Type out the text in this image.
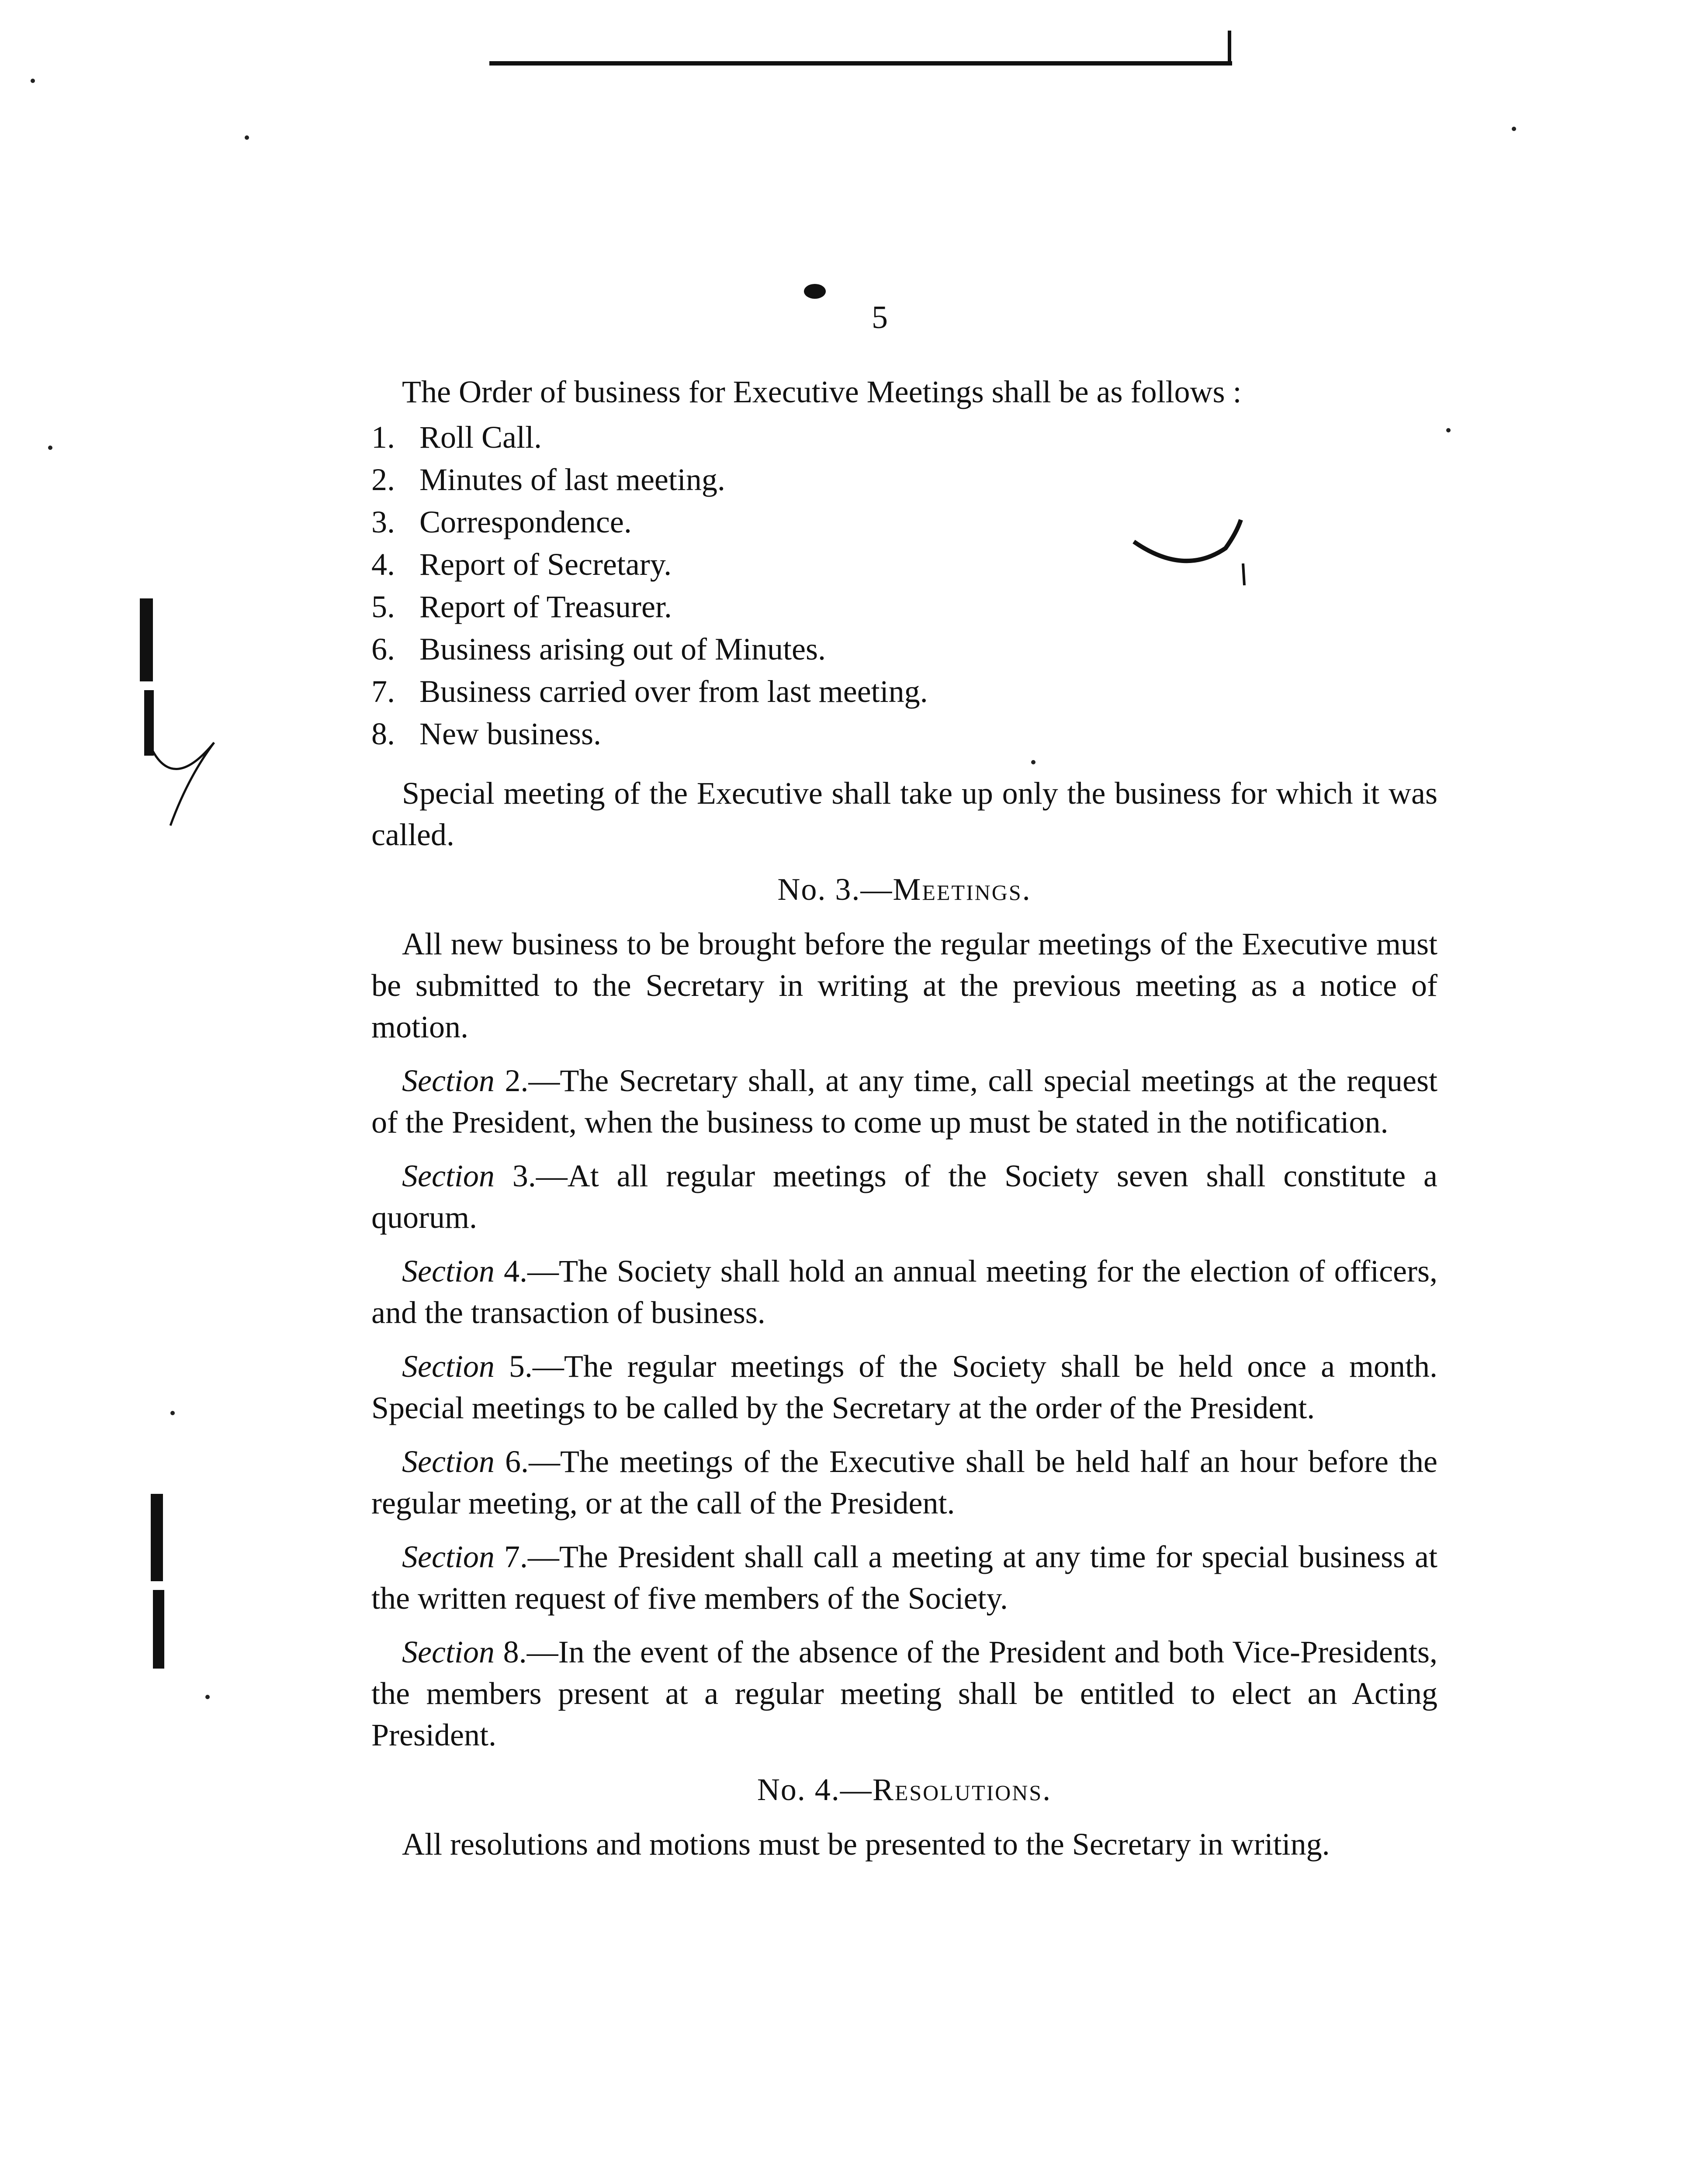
5

The Order of business for Executive Meetings shall be as follows :

1. Roll Call.
2. Minutes of last meeting.
3. Correspondence.
4. Report of Secretary.
5. Report of Treasurer.
6. Business arising out of Minutes.
7. Business carried over from last meeting.
8. New business.

Special meeting of the Executive shall take up only the business for which it was called.

No. 3.—Meetings.

All new business to be brought before the regular meetings of the Executive must be submitted to the Secretary in writing at the previous meeting as a notice of motion.

Section 2.—The Secretary shall, at any time, call special meetings at the request of the President, when the business to come up must be stated in the notification.

Section 3.—At all regular meetings of the Society seven shall constitute a quorum.

Section 4.—The Society shall hold an annual meeting for the election of officers, and the transaction of business.

Section 5.—The regular meetings of the Society shall be held once a month. Special meetings to be called by the Secretary at the order of the President.

Section 6.—The meetings of the Executive shall be held half an hour before the regular meeting, or at the call of the President.

Section 7.—The President shall call a meeting at any time for special business at the written request of five members of the Society.

Section 8.—In the event of the absence of the President and both Vice-Presidents, the members present at a regular meeting shall be entitled to elect an Acting President.

No. 4.—Resolutions.

All resolutions and motions must be presented to the Secretary in writing.
